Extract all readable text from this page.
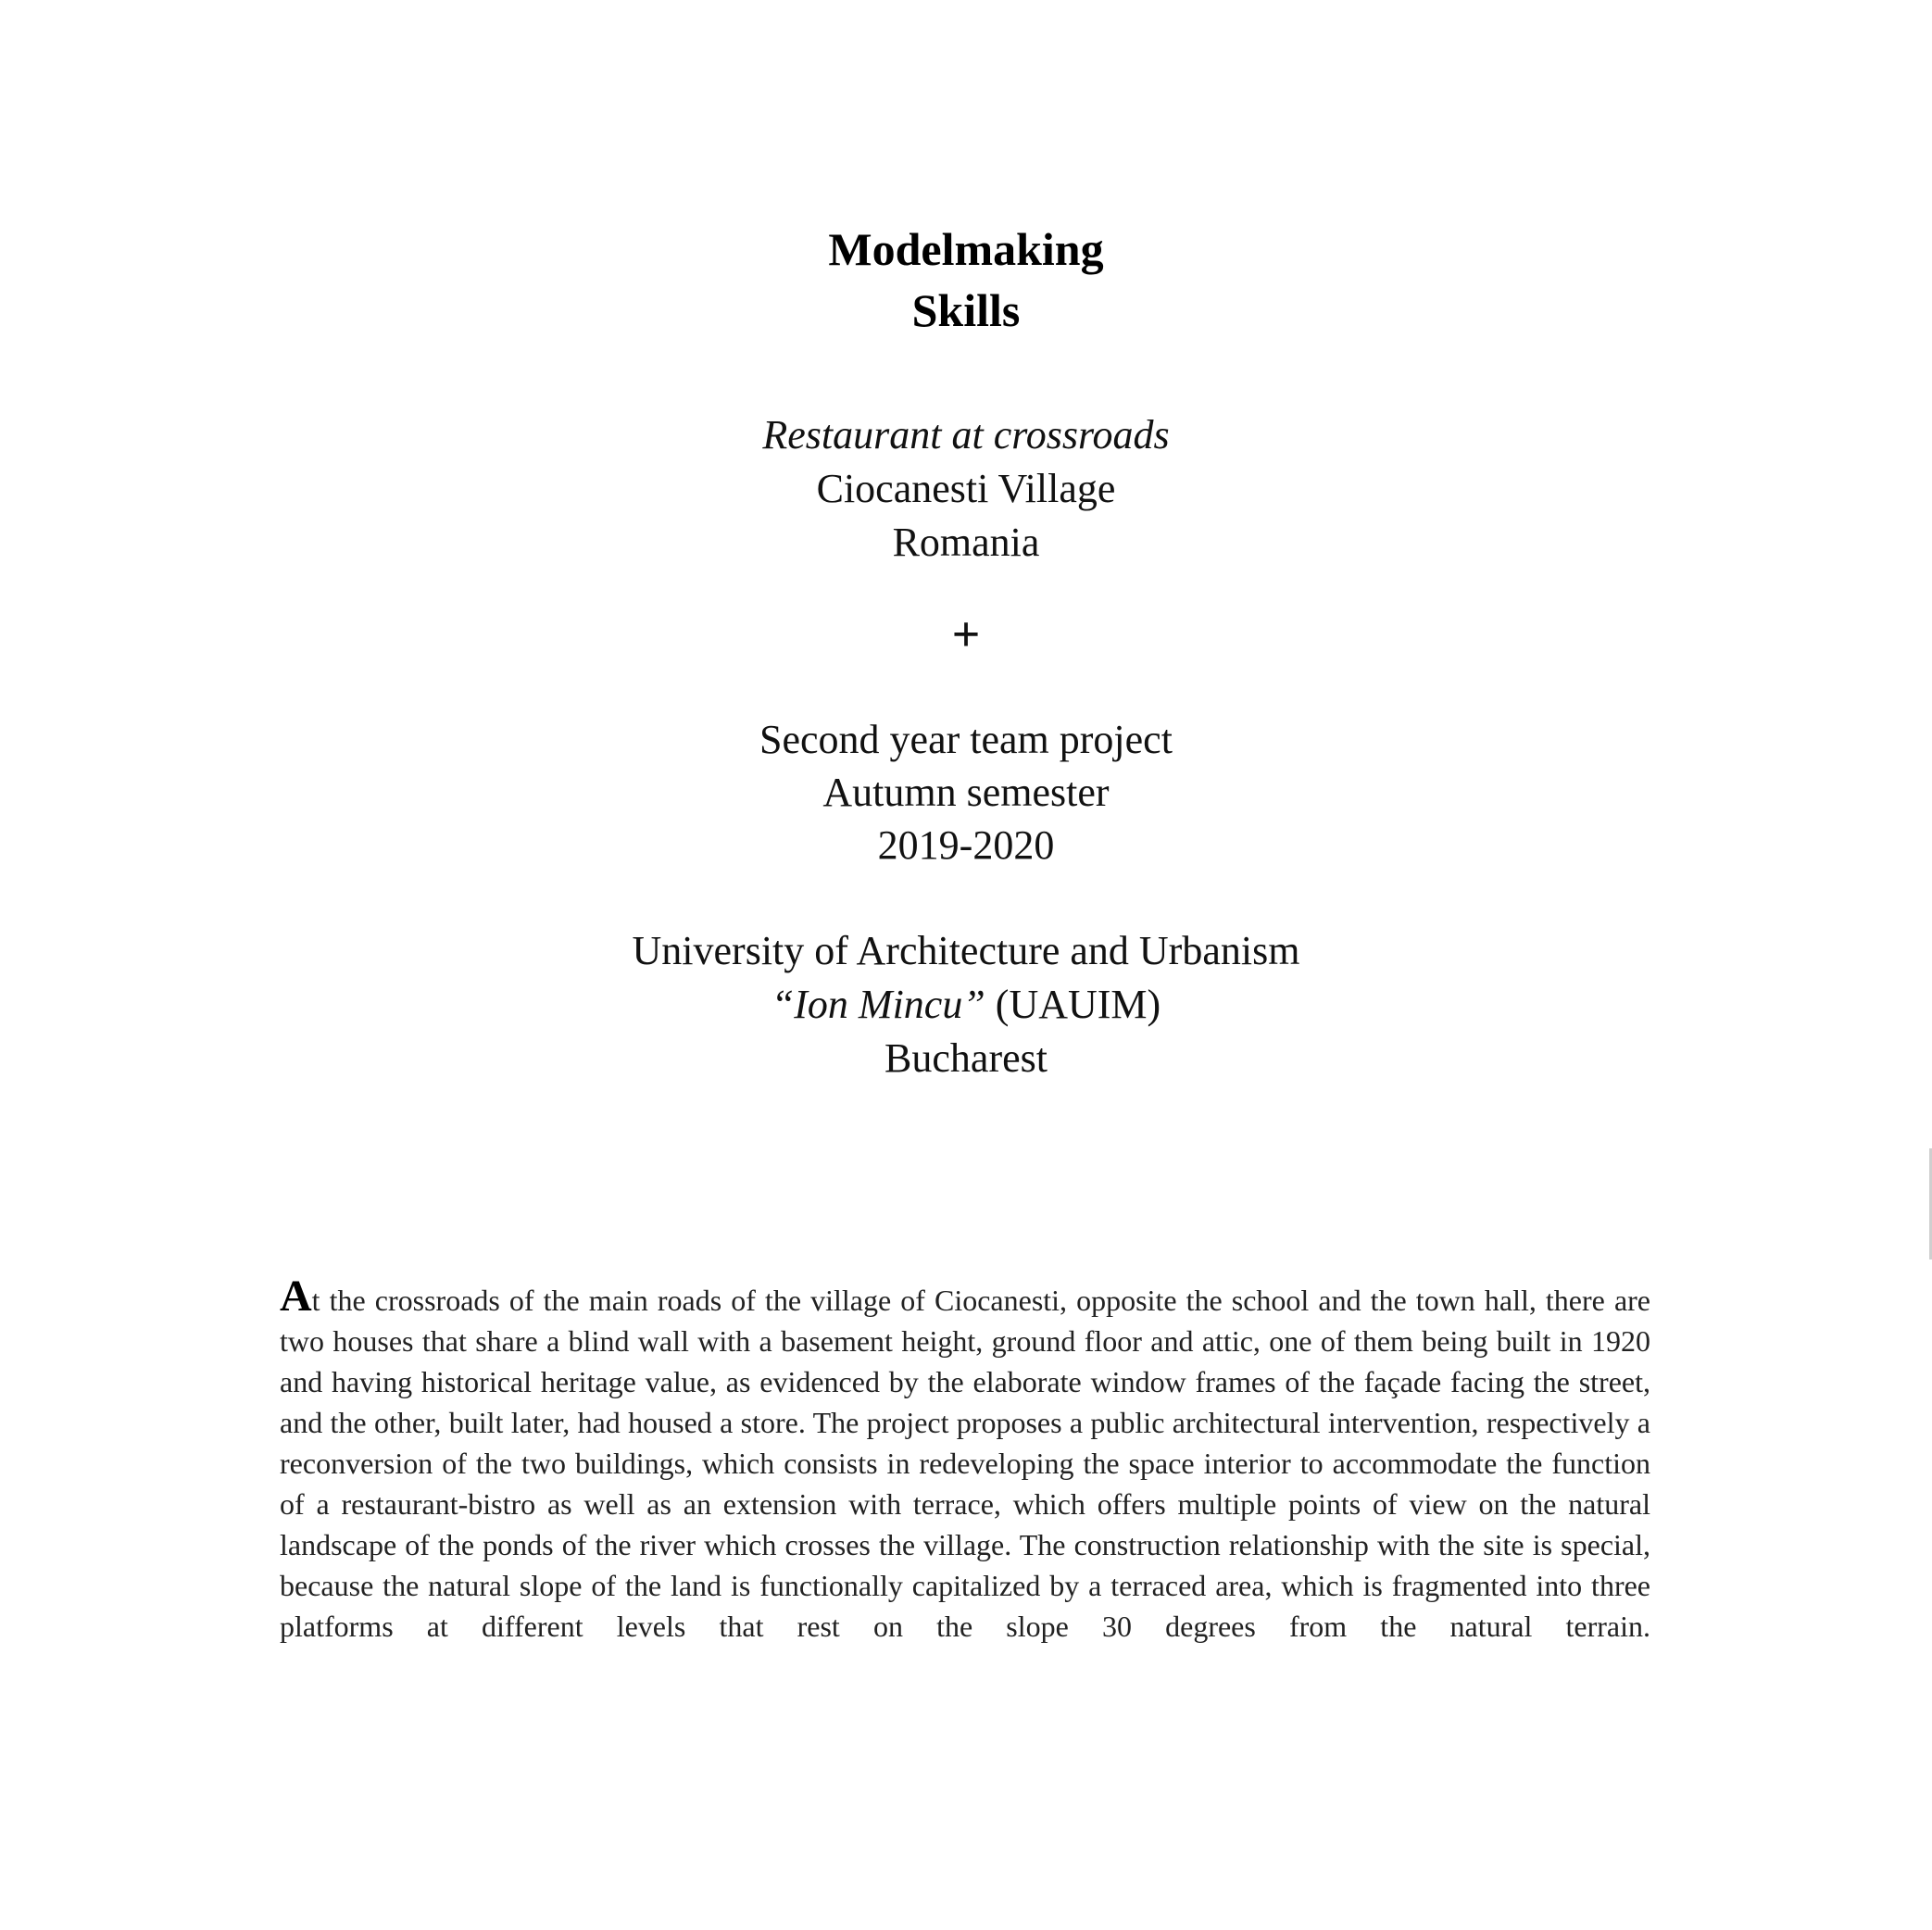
Modelmaking
Skills
Restaurant at crossroads
Ciocanesti Village
Romania
+
Second year team project
Autumn semester
2019-2020
University of Architecture and Urbanism
“Ion Mincu” (UAUIM)
Bucharest
At the crossroads of the main roads of the village of Ciocanesti, opposite the school and the town hall, there are two houses that share a blind wall with a basement height, ground floor and attic, one of them being built in 1920 and having historical heritage value, as evidenced by the elaborate window frames of the façade facing the street, and the other, built later, had housed a store. The project proposes a public architectural intervention, respectively a reconversion of the two buildings, which consists in redeveloping the space interior to accommodate the function of a restaurant-bistro as well as an extension with terrace, which offers multiple points of view on the natural landscape of the ponds of the river which crosses the village. The construction relationship with the site is special, because the natural slope of the land is functionally capitalized by a terraced area, which is fragmented into three platforms at different levels that rest on the slope 30 degrees from the natural terrain.
